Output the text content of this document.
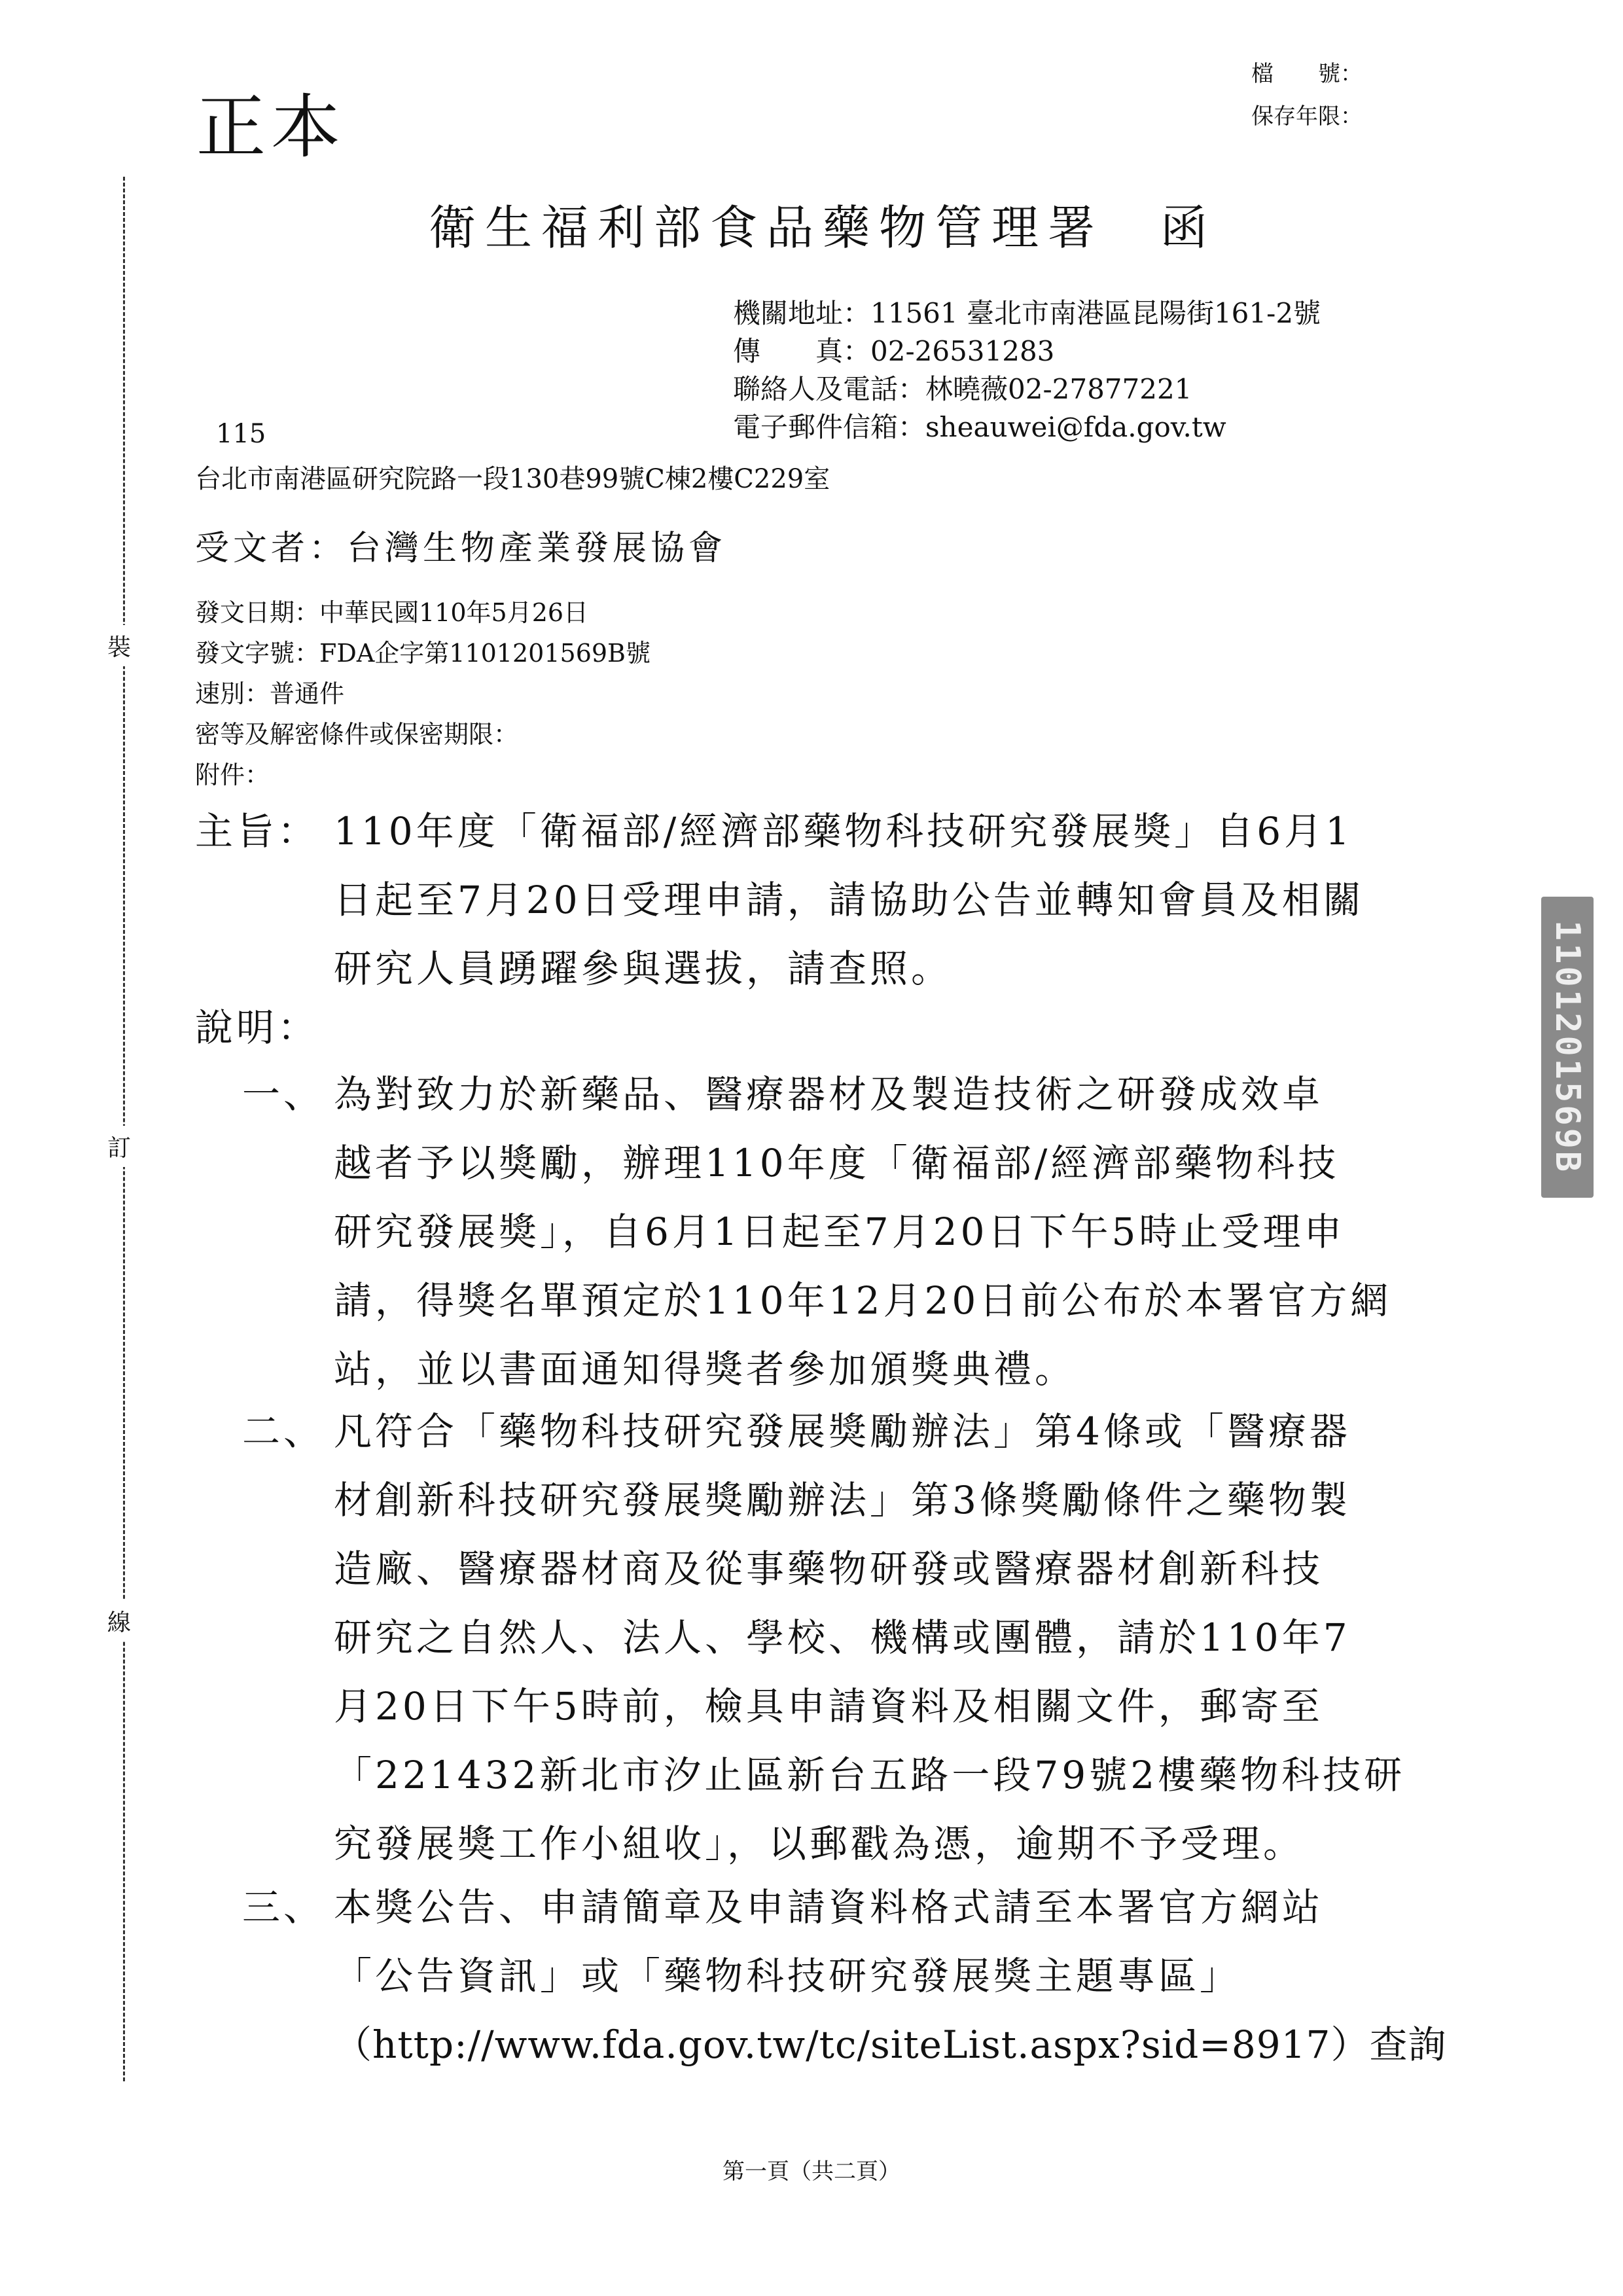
正本
檔　　號：
保存年限：
衛生福利部食品藥物管理署　函
機關地址：11561 臺北市南港區昆陽街161-2號
傳　　真：02-26531283
聯絡人及電話：林曉薇02-27877221
電子郵件信箱：sheauwei@fda.gov.tw
115
台北市南港區研究院路一段130巷99號C棟2樓C229室
裝
訂
線
受文者：台灣生物產業發展協會
發文日期：中華民國110年5月26日
發文字號：FDA企字第1101201569B號
速別：普通件
密等及解密條件或保密期限：
附件：
主旨： 110年度「衛福部/經濟部藥物科技研究發展獎」自6月1
日起至7月20日受理申請，請協助公告並轉知會員及相關
研究人員踴躍參與選拔，請查照。
說明：
一、 為對致力於新藥品、醫療器材及製造技術之研發成效卓
越者予以獎勵，辦理110年度「衛福部/經濟部藥物科技
研究發展獎」，自6月1日起至7月20日下午5時止受理申
請，得獎名單預定於110年12月20日前公布於本署官方網
站，並以書面通知得獎者參加頒獎典禮。
二、 凡符合「藥物科技研究發展獎勵辦法」第4條或「醫療器
材創新科技研究發展獎勵辦法」第3條獎勵條件之藥物製
造廠、醫療器材商及從事藥物研發或醫療器材創新科技
研究之自然人、法人、學校、機構或團體，請於110年7
月20日下午5時前，檢具申請資料及相關文件，郵寄至
「221432新北市汐止區新台五路一段79號2樓藥物科技研
究發展獎工作小組收」，以郵戳為憑，逾期不予受理。
三、 本獎公告、申請簡章及申請資料格式請至本署官方網站
「公告資訊」或「藥物科技研究發展獎主題專區」
（http://www.fda.gov.tw/tc/siteList.aspx?sid=8917）查詢
1101201569B
第一頁（共二頁）
